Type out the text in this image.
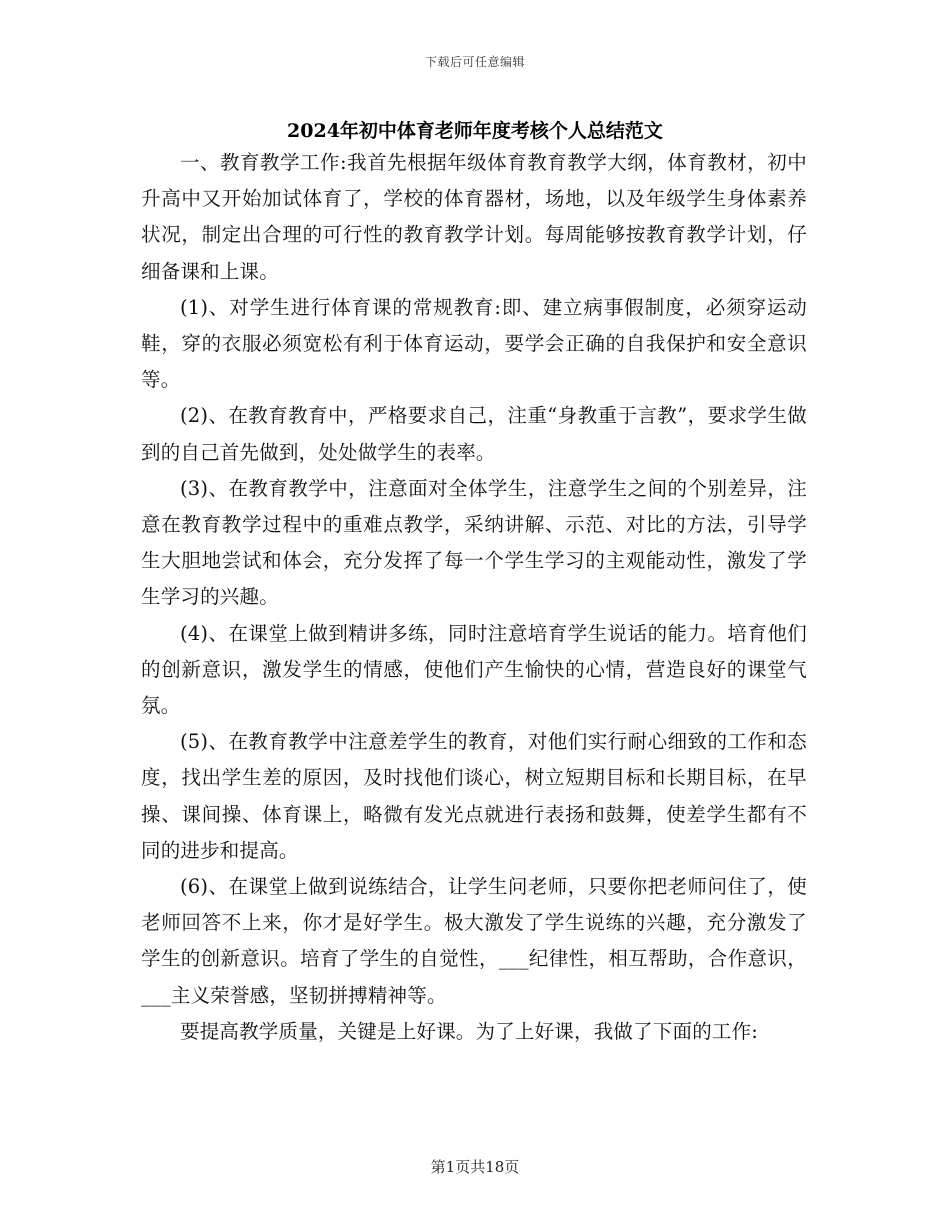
下载后可任意编辑
2024年初中体育老师年度考核个人总结范文

一、教育教学工作:我首先根据年级体育教育教学大纲，体育教材，初中升高中又开始加试体育了，学校的体育器材，场地，以及年级学生身体素养状况，制定出合理的可行性的教育教学计划。每周能够按教育教学计划，仔细备课和上课。

(1)、对学生进行体育课的常规教育:即、建立病事假制度，必须穿运动鞋，穿的衣服必须宽松有利于体育运动，要学会正确的自我保护和安全意识等。

(2)、在教育教育中，严格要求自己，注重“身教重于言教”，要求学生做到的自己首先做到，处处做学生的表率。

(3)、在教育教学中，注意面对全体学生，注意学生之间的个别差异，注意在教育教学过程中的重难点教学，采纳讲解、示范、对比的方法，引导学生大胆地尝试和体会，充分发挥了每一个学生学习的主观能动性，激发了学生学习的兴趣。

(4)、在课堂上做到精讲多练，同时注意培育学生说话的能力。培育他们的创新意识，激发学生的情感，使他们产生愉快的心情，营造良好的课堂气氛。

(5)、在教育教学中注意差学生的教育，对他们实行耐心细致的工作和态度，找出学生差的原因，及时找他们谈心，树立短期目标和长期目标，在早操、课间操、体育课上，略微有发光点就进行表扬和鼓舞，使差学生都有不同的进步和提高。

(6)、在课堂上做到说练结合，让学生问老师，只要你把老师问住了，使老师回答不上来，你才是好学生。极大激发了学生说练的兴趣，充分激发了学生的创新意识。培育了学生的自觉性，___纪律性，相互帮助，合作意识，___主义荣誉感，坚韧拼搏精神等。

要提高教学质量，关键是上好课。为了上好课，我做了下面的工作:

第1页共18页
